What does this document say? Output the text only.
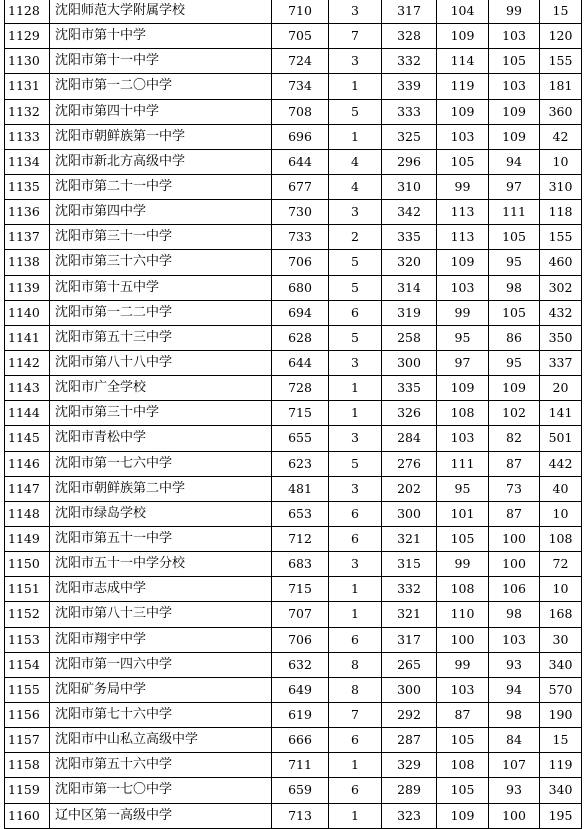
1128	沈阳师范大学附属学校	710	3	317	104	99	15
1129	沈阳市第十中学	705	7	328	109	103	120
1130	沈阳市第十一中学	724	3	332	114	105	155
1131	沈阳市第一二〇中学	734	1	339	119	103	181
1132	沈阳市第四十中学	708	5	333	109	109	360
1133	沈阳市朝鲜族第一中学	696	1	325	103	109	42
1134	沈阳市新北方高级中学	644	4	296	105	94	10
1135	沈阳市第二十一中学	677	4	310	99	97	310
1136	沈阳市第四中学	730	3	342	113	111	118
1137	沈阳市第三十一中学	733	2	335	113	105	155
1138	沈阳市第三十六中学	706	5	320	109	95	460
1139	沈阳市第十五中学	680	5	314	103	98	302
1140	沈阳市第一二二中学	694	6	319	99	105	432
1141	沈阳市第五十三中学	628	5	258	95	86	350
1142	沈阳市第八十八中学	644	3	300	97	95	337
1143	沈阳市广全学校	728	1	335	109	109	20
1144	沈阳市第三十中学	715	1	326	108	102	141
1145	沈阳市青松中学	655	3	284	103	82	501
1146	沈阳市第一七六中学	623	5	276	111	87	442
1147	沈阳市朝鲜族第二中学	481	3	202	95	73	40
1148	沈阳市绿岛学校	653	6	300	101	87	10
1149	沈阳市第五十一中学	712	6	321	105	100	108
1150	沈阳市五十一中学分校	683	3	315	99	100	72
1151	沈阳市志成中学	715	1	332	108	106	10
1152	沈阳市第八十三中学	707	1	321	110	98	168
1153	沈阳市翔宇中学	706	6	317	100	103	30
1154	沈阳市第一四六中学	632	8	265	99	93	340
1155	沈阳矿务局中学	649	8	300	103	94	570
1156	沈阳市第七十六中学	619	7	292	87	98	190
1157	沈阳市中山私立高级中学	666	6	287	105	84	15
1158	沈阳市第五十六中学	711	1	329	108	107	119
1159	沈阳市第一七〇中学	659	6	289	105	93	340
1160	辽中区第一高级中学	713	1	323	109	100	195
